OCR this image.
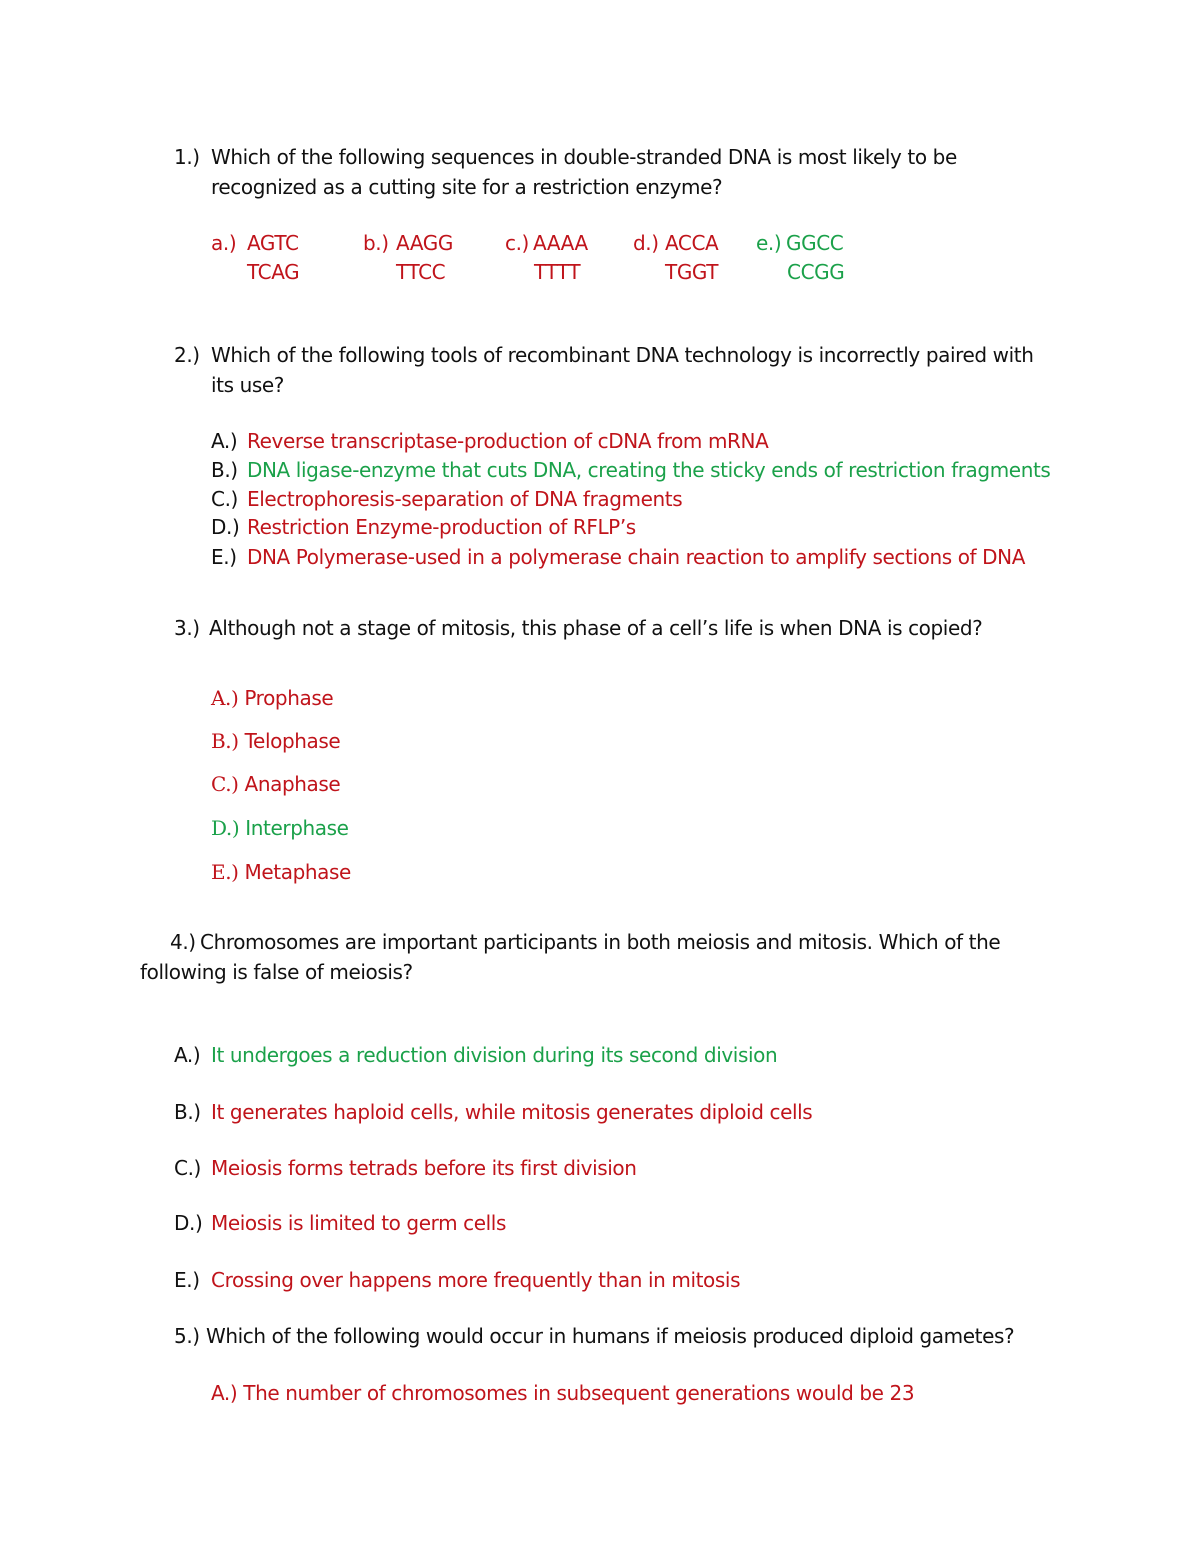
1.) Which of the following sequences in double-stranded DNA is most likely to be
recognized as a cutting site for a restriction enzyme?
a.) AGTC
TCAG
b.) AAGG
TTCC
c.) AAAA
TTTT
d.) ACCA
TGGT
e.) GGCC
CCGG
2.) Which of the following tools of recombinant DNA technology is incorrectly paired with
its use?
A.) Reverse transcriptase-production of cDNA from mRNA
B.) DNA ligase-enzyme that cuts DNA, creating the sticky ends of restriction fragments
C.) Electrophoresis-separation of DNA fragments
D.) Restriction Enzyme-production of RFLP’s
E.) DNA Polymerase-used in a polymerase chain reaction to amplify sections of DNA
3.) Although not a stage of mitosis, this phase of a cell’s life is when DNA is copied?
A.) Prophase
B.) Telophase
C.) Anaphase
D.) Interphase
E.) Metaphase
4.) Chromosomes are important participants in both meiosis and mitosis. Which of the
following is false of meiosis?
A.) It undergoes a reduction division during its second division
B.) It generates haploid cells, while mitosis generates diploid cells
C.) Meiosis forms tetrads before its first division
D.) Meiosis is limited to germ cells
E.) Crossing over happens more frequently than in mitosis
5.) Which of the following would occur in humans if meiosis produced diploid gametes?
A.) The number of chromosomes in subsequent generations would be 23
